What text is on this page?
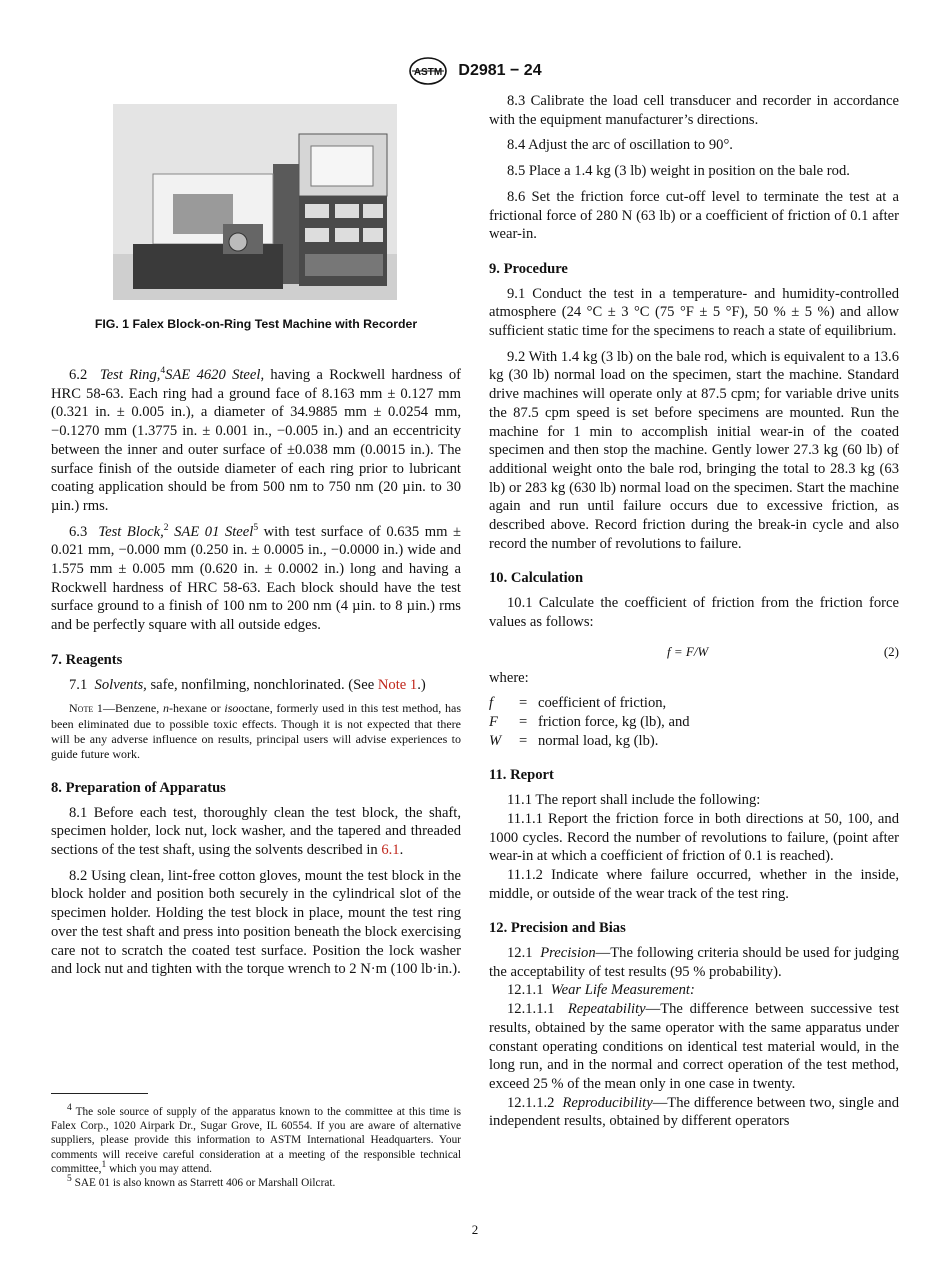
ASTM D2981 − 24
FIG. 1 Falex Block-on-Ring Test Machine with Recorder

6.2 Test Ring,$^4$SAE 4620 Steel, having a Rockwell hardness of HRC 58-63. Each ring had a ground face of 8.163 mm ± 0.127 mm (0.321 in. ± 0.005 in.), a diameter of 34.9885 mm ± 0.0254 mm, −0.1270 mm (1.3775 in. ± 0.001 in., −0.005 in.) and an eccentricity between the inner and outer surface of ±0.038 mm (0.0015 in.). The surface finish of the outside diameter of each ring prior to lubricant coating application should be from 500 nm to 750 nm (20 µin. to 30 µin.) rms.

6.3 Test Block,$^2$ SAE 01 Steel$^5$ with test surface of 0.635 mm ± 0.021 mm, −0.000 mm (0.250 in. ± 0.0005 in., −0.0000 in.) wide and 1.575 mm ± 0.005 mm (0.620 in. ± 0.0002 in.) long and having a Rockwell hardness of HRC 58-63. Each block should have the test surface ground to a finish of 100 nm to 200 nm (4 µin. to 8 µin.) rms and be perfectly square with all outside edges.

7. Reagents

7.1 Solvents, safe, nonfilming, nonchlorinated. (See Note 1.)

Note 1—Benzene, n-hexane or isooctane, formerly used in this test method, has been eliminated due to possible toxic effects. Though it is not expected that there will be any adverse influence on results, principal users will advise experiences to guide future work.

8. Preparation of Apparatus

8.1 Before each test, thoroughly clean the test block, the shaft, specimen holder, lock nut, lock washer, and the tapered and threaded sections of the test shaft, using the solvents described in 6.1.

8.2 Using clean, lint-free cotton gloves, mount the test block in the block holder and position both securely in the cylindrical slot of the specimen holder. Holding the test block in place, mount the test ring over the test shaft and press into position beneath the block exercising care not to scratch the coated test surface. Position the lock washer and lock nut and tighten with the torque wrench to 2 N·m (100 lb·in.).

$^4$ The sole source of supply of the apparatus known to the committee at this time is Falex Corp., 1020 Airpark Dr., Sugar Grove, IL 60554. If you are aware of alternative suppliers, please provide this information to ASTM International Headquarters. Your comments will receive careful consideration at a meeting of the responsible technical committee,$^1$ which you may attend.

$^5$ SAE 01 is also known as Starrett 406 or Marshall Oilcrat.

8.3 Calibrate the load cell transducer and recorder in accordance with the equipment manufacturer’s directions.

8.4 Adjust the arc of oscillation to 90°.

8.5 Place a 1.4 kg (3 lb) weight in position on the bale rod.

8.6 Set the friction force cut-off level to terminate the test at a frictional force of 280 N (63 lb) or a coefficient of friction of 0.1 after wear-in.

9. Procedure

9.1 Conduct the test in a temperature- and humidity-controlled atmosphere (24 °C ± 3 °C (75 °F ± 5 °F), 50 % ± 5 %) and allow sufficient static time for the specimens to reach a state of equilibrium.

9.2 With 1.4 kg (3 lb) on the bale rod, which is equivalent to a 13.6 kg (30 lb) normal load on the specimen, start the machine. Standard drive machines will operate only at 87.5 cpm; for variable drive units the 87.5 cpm speed is set before specimens are mounted. Run the machine for 1 min to accomplish initial wear-in of the coated specimen and then stop the machine. Gently lower 27.3 kg (60 lb) of additional weight onto the bale rod, bringing the total to 28.3 kg (63 lb) or 283 kg (630 lb) normal load on the specimen. Start the machine again and run until failure occurs due to excessive friction, as described above. Record friction during the break-in cycle and also record the number of revolutions to failure.

10. Calculation

10.1 Calculate the coefficient of friction from the friction force values as follows:

f = F/W	(2)

where:

f	= coefficient of friction,
F	= friction force, kg (lb), and
W	= normal load, kg (lb).
11. Report

11.1 The report shall include the following:

11.1.1 Report the friction force in both directions at 50, 100, and 1000 cycles. Record the number of revolutions to failure, (point after wear-in at which a coefficient of friction of 0.1 is reached).

11.1.2 Indicate where failure occurred, whether in the inside, middle, or outside of the wear track of the test ring.

12. Precision and Bias

12.1 Precision—The following criteria should be used for judging the acceptability of test results (95 % probability).

12.1.1 Wear Life Measurement:

12.1.1.1 Repeatability—The difference between successive test results, obtained by the same operator with the same apparatus under constant operating conditions on identical test material would, in the long run, and in the normal and correct operation of the test method, exceed 25 % of the mean only in one case in twenty.

12.1.1.2 Reproducibility—The difference between two, single and independent results, obtained by different operators

2
